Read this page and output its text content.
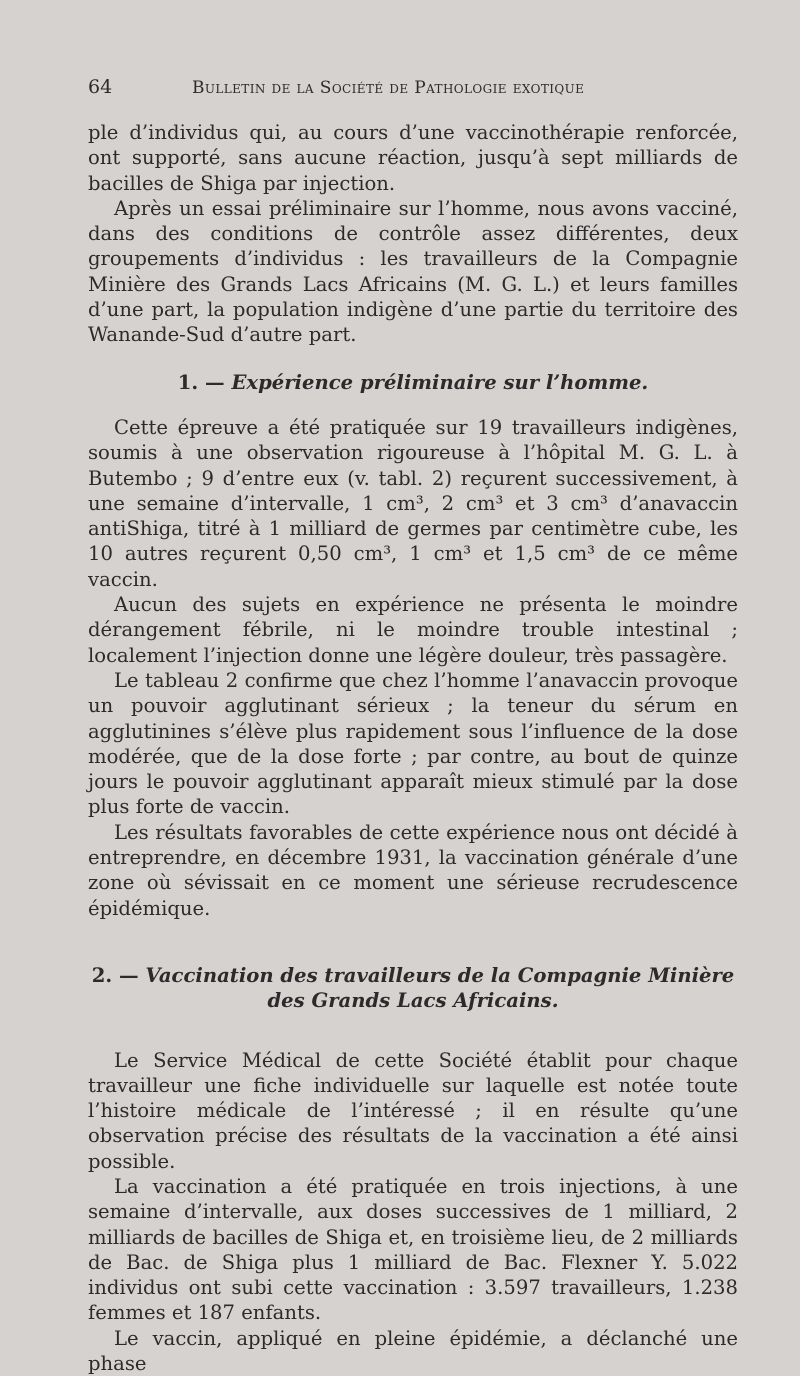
64	Bulletin de la Société de Pathologie exotique

ple d’individus qui, au cours d’une vaccinothérapie renforcée, ont supporté, sans aucune réaction, jusqu’à sept milliards de bacilles de Shiga par injection.

Après un essai préliminaire sur l’homme, nous avons vacciné, dans des conditions de contrôle assez différentes, deux groupements d’individus : les travailleurs de la Compagnie Minière des Grands Lacs Africains (M. G. L.) et leurs familles d’une part, la population indigène d’une partie du territoire des Wanande-Sud d’autre part.

1. — Expérience préliminaire sur l’homme.

Cette épreuve a été pratiquée sur 19 travailleurs indigènes, soumis à une observation rigoureuse à l’hôpital M. G. L. à Butembo ; 9 d’entre eux (v. tabl. 2) reçurent successivement, à une semaine d’intervalle, 1 cm³, 2 cm³ et 3 cm³ d’anavaccin antiShiga, titré à 1 milliard de germes par centimètre cube, les 10 autres reçurent 0,50 cm³, 1 cm³ et 1,5 cm³ de ce même vaccin.

Aucun des sujets en expérience ne présenta le moindre dérangement fébrile, ni le moindre trouble intestinal ; localement l’injection donne une légère douleur, très passagère.

Le tableau 2 confirme que chez l’homme l’anavaccin provoque un pouvoir agglutinant sérieux ; la teneur du sérum en agglutinines s’élève plus rapidement sous l’influence de la dose modérée, que de la dose forte ; par contre, au bout de quinze jours le pouvoir agglutinant apparaît mieux stimulé par la dose plus forte de vaccin.

Les résultats favorables de cette expérience nous ont décidé à entreprendre, en décembre 1931, la vaccination générale d’une zone où sévissait en ce moment une sérieuse recrudescence épidémique.

2. — Vaccination des travailleurs de la Compagnie Minière des Grands Lacs Africains.

Le Service Médical de cette Société établit pour chaque travailleur une fiche individuelle sur laquelle est notée toute l’histoire médicale de l’intéressé ; il en résulte qu’une observation précise des résultats de la vaccination a été ainsi possible.

La vaccination a été pratiquée en trois injections, à une semaine d’intervalle, aux doses successives de 1 milliard, 2 milliards de bacilles de Shiga et, en troisième lieu, de 2 milliards de Bac. de Shiga plus 1 milliard de Bac. Flexner Y. 5.022 individus ont subi cette vaccination : 3.597 travailleurs, 1.238 femmes et 187 enfants.

Le vaccin, appliqué en pleine épidémie, a déclanché une phase
